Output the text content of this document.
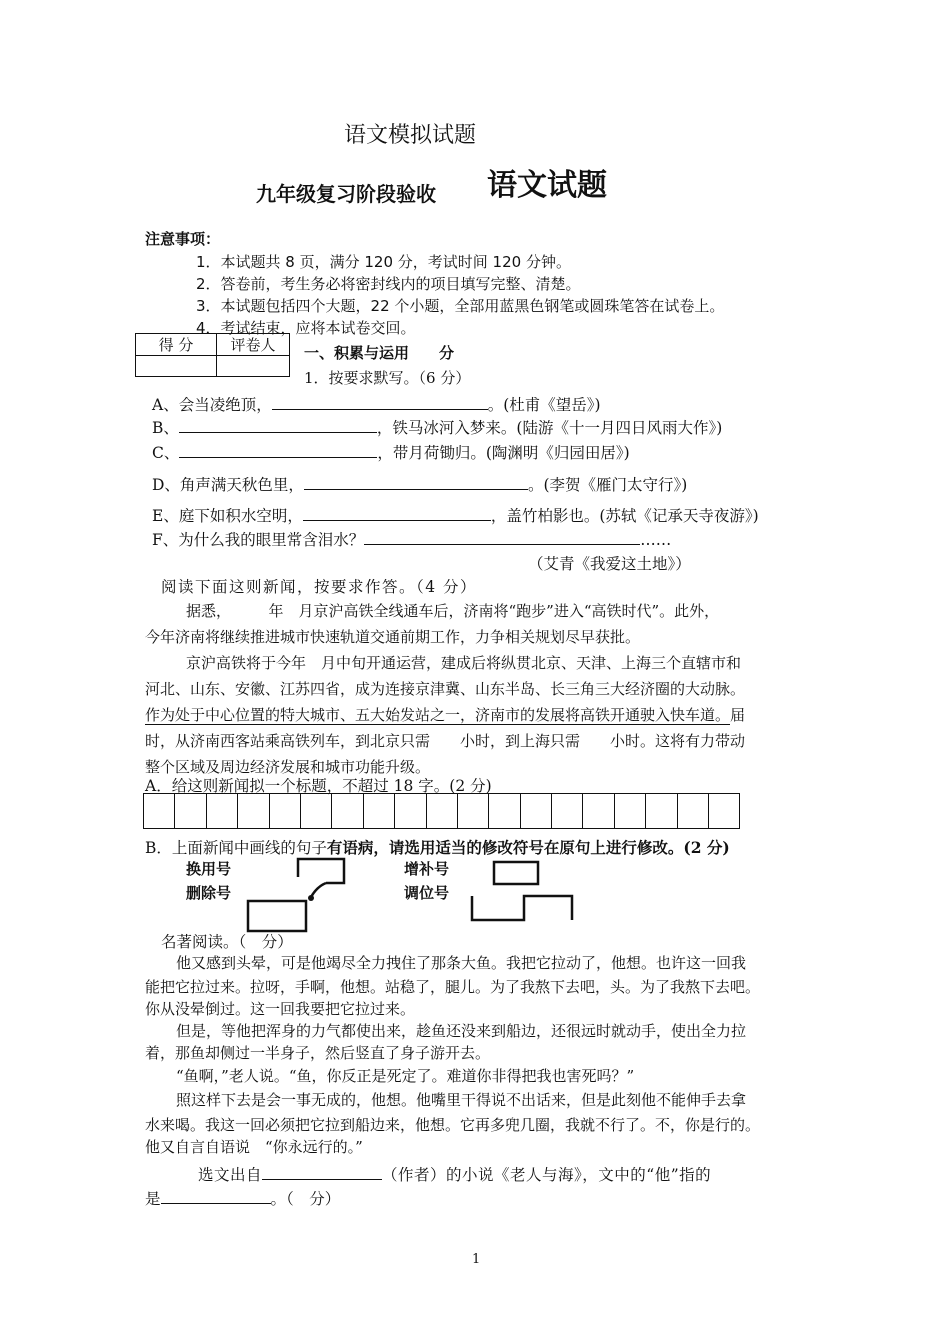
语文模拟试题
九年级复习阶段验收 语文试题
注意事项：
1．本试题共 8 页，满分 120 分，考试时间 120 分钟。
2．答卷前，考生务必将密封线内的项目填写完整、清楚。
3．本试题包括四个大题，22 个小题，全部用蓝黑色钢笔或圆珠笔答在试卷上。
4．考试结束，应将本试卷交回。
得 分	评卷人
	一、积累与运用 分
1．按要求默写。（6 分）
A、会当凌绝顶，	。(杜甫《望岳》)
B、	，铁马冰河入梦来。(陆游《十一月四日风雨大作》)
C、	，带月荷锄归。(陶渊明《归园田居》)
D、角声满天秋色里，	。(李贺《雁门太守行》)
E、庭下如积水空明，	，盖竹柏影也。(苏轼《记承天寺夜游》)
F、为什么我的眼里常含泪水？	……
（艾青《我爱这土地》）
阅读下面这则新闻，按要求作答。（4 分）
据悉，　　　年　月京沪高铁全线通车后，济南将“跑步”进入“高铁时代”。此外，
今年济南将继续推进城市快速轨道交通前期工作，力争相关规划尽早获批。
京沪高铁将于今年　月中旬开通运营，建成后将纵贯北京、天津、上海三个直辖市和
河北、山东、安徽、江苏四省，成为连接京津冀、山东半岛、长三角三大经济圈的大动脉。
作为处于中心位置的特大城市、五大始发站之一，济南市的发展将高铁开通驶入快车道。届
时，从济南西客站乘高铁列车，到北京只需　　小时，到上海只需　　小时。这将有力带动
整个区域及周边经济发展和城市功能升级。
A．给这则新闻拟一个标题，不超过 18 字。(2 分)
B．上面新闻中画线的句子有语病，请选用适当的修改符号在原句上进行修改。(2 分)
换用号	增补号
删除号	调位号
名著阅读。（　分）
他又感到头晕，可是他竭尽全力拽住了那条大鱼。我把它拉动了，他想。也许这一回我
能把它拉过来。拉呀，手啊，他想。站稳了，腿儿。为了我熬下去吧，头。为了我熬下去吧。
你从没晕倒过。这一回我要把它拉过来。
但是，等他把浑身的力气都使出来，趁鱼还没来到船边，还很远时就动手，使出全力拉
着，那鱼却侧过一半身子，然后竖直了身子游开去。
“鱼啊，”老人说。“鱼，你反正是死定了。难道你非得把我也害死吗？”
照这样下去是会一事无成的，他想。他嘴里干得说不出话来，但是此刻他不能伸手去拿
水来喝。我这一回必须把它拉到船边来，他想。它再多兜几圈，我就不行了。不，你是行的。
他又自言自语说　“你永远行的。”
选文出自	（作者）的小说《老人与海》，文中的“他”指的
是	。（　分）
1
